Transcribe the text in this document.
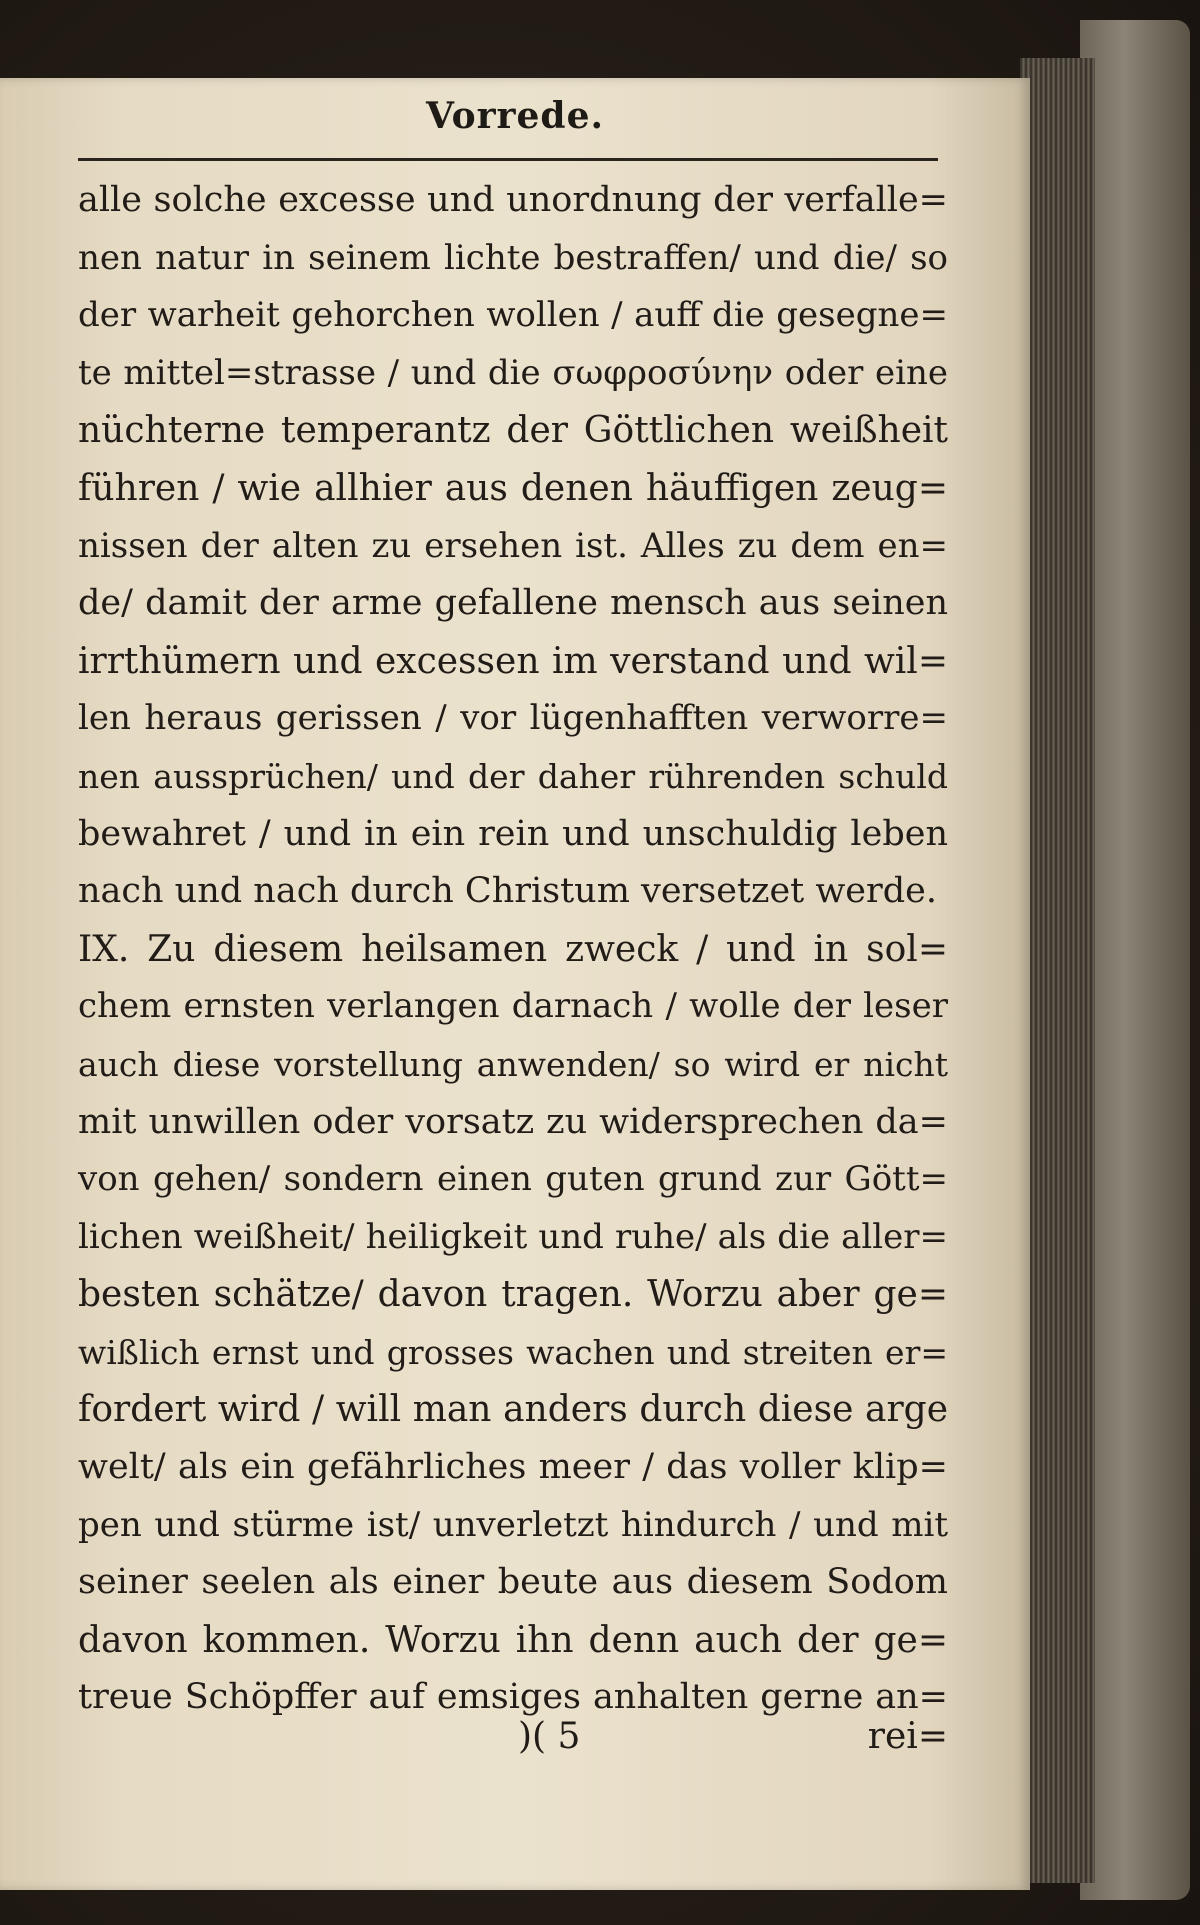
Vorrede.
alle solche excesse und unordnung der verfalle=
nen natur in seinem lichte bestraffen/ und die/ so
der warheit gehorchen wollen / auff die gesegne=
te mittel=strasse / und die σωφροσύνην oder eine
nüchterne temperantz der Göttlichen weißheit
führen / wie allhier aus denen häuffigen zeug=
nissen der alten zu ersehen ist. Alles zu dem en=
de/ damit der arme gefallene mensch aus seinen
irrthümern und excessen im verstand und wil=
len heraus gerissen / vor lügenhafften verworre=
nen aussprüchen/ und der daher rührenden schuld
bewahret / und in ein rein und unschuldig leben
nach und nach durch Christum versetzet werde.
IX. Zu diesem heilsamen zweck / und in sol=
chem ernsten verlangen darnach / wolle der leser
auch diese vorstellung anwenden/ so wird er nicht
mit unwillen oder vorsatz zu widersprechen da=
von gehen/ sondern einen guten grund zur Gött=
lichen weißheit/ heiligkeit und ruhe/ als die aller=
besten schätze/ davon tragen. Worzu aber ge=
wißlich ernst und grosses wachen und streiten er=
fordert wird / will man anders durch diese arge
welt/ als ein gefährliches meer / das voller klip=
pen und stürme ist/ unverletzt hindurch / und mit
seiner seelen als einer beute aus diesem Sodom
davon kommen. Worzu ihn denn auch der ge=
treue Schöpffer auf emsiges anhalten gerne an=
)( 5	rei=
